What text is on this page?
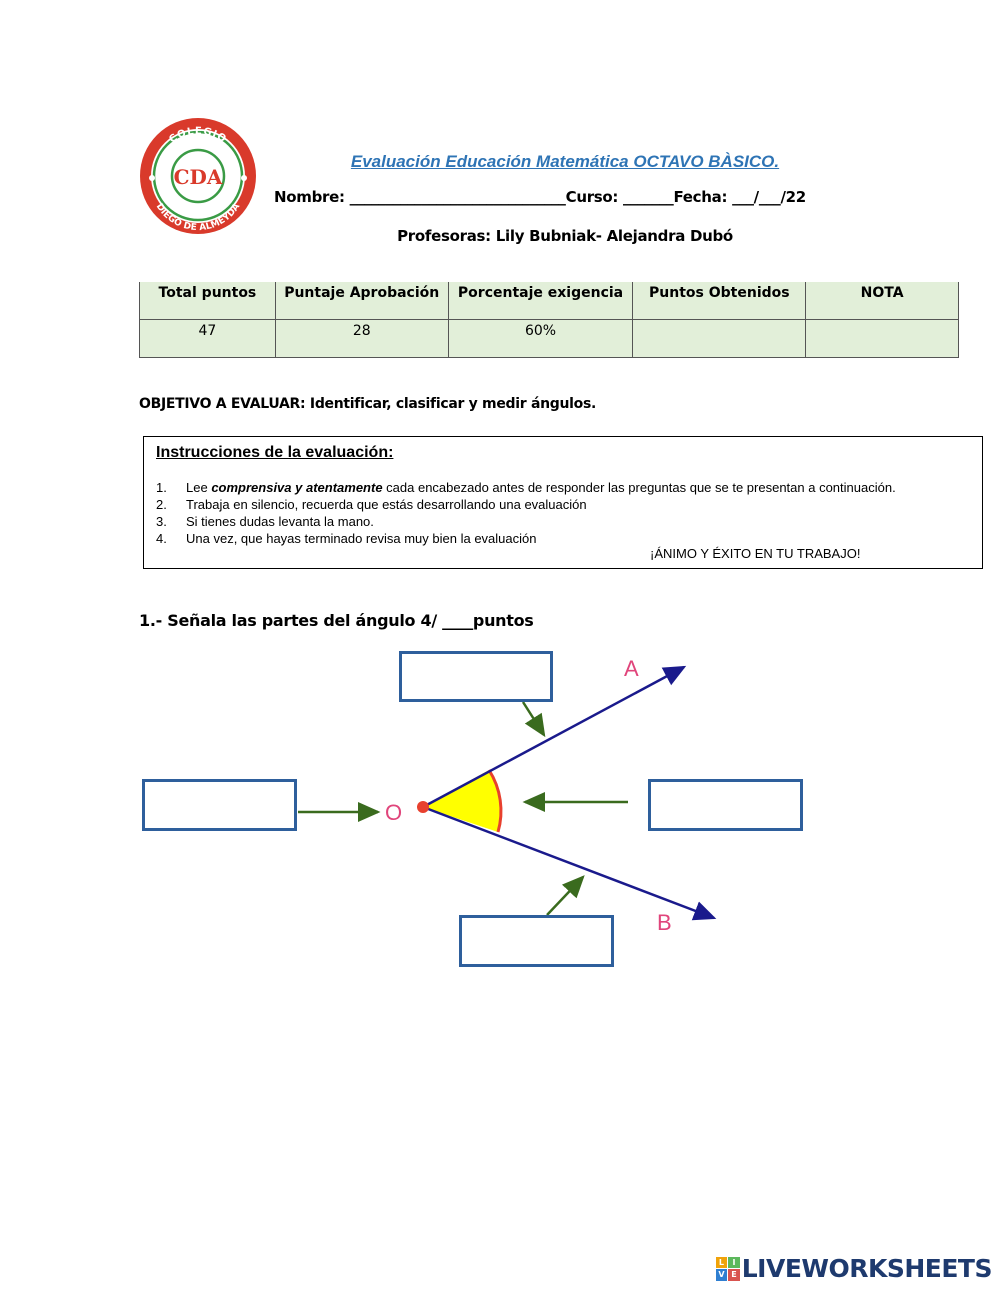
COLEGIO
DIEGO DE ALMEYDA
CDA
Evaluación Educación Matemática OCTAVO BÀSICO.
Nombre: ______________________________Curso: _______Fecha: ___/___/22
Profesoras: Lily Bubniak- Alejandra Dubó
Total puntos	Puntaje Aprobación	Porcentaje exigencia	Puntos Obtenidos	NOTA
47	28	60%		
OBJETIVO A EVALUAR: Identificar, clasificar y medir ángulos.
Instrucciones de la evaluación:
1. Lee comprensiva y atentamente cada encabezado antes de responder las preguntas que se te presentan a continuación.
2. Trabaja en silencio, recuerda que estás desarrollando una evaluación
3. Si tienes dudas levanta la mano.
4. Una vez, que hayas terminado revisa muy bien la evaluación
¡ÁNIMO Y ÉXITO EN TU TRABAJO!
1.- Señala las partes del ángulo 4/ ____puntos
A
B
O
L	I
V E LIVEWORKSHEETS
